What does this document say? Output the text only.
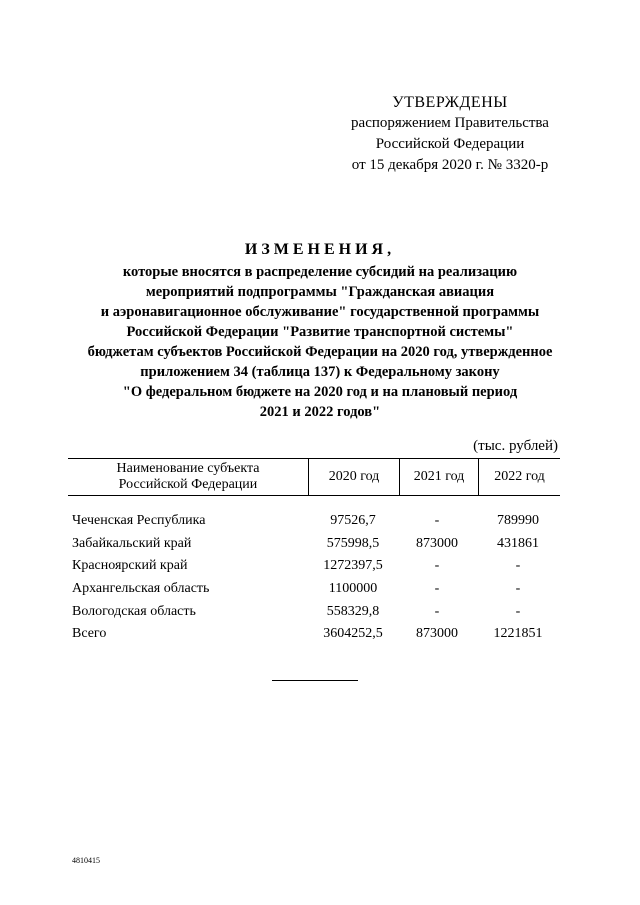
УТВЕРЖДЕНЫ
распоряжением Правительства
Российской Федерации
от 15 декабря 2020 г. № 3320-р
ИЗМЕНЕНИЯ,
которые вносятся в распределение субсидий на реализацию
мероприятий подпрограммы "Гражданская авиация
и аэронавигационное обслуживание" государственной программы
Российской Федерации "Развитие транспортной системы"
бюджетам субъектов Российской Федерации на 2020 год, утвержденное
приложением 34 (таблица 137) к Федеральному закону
"О федеральном бюджете на 2020 год и на плановый период
2021 и 2022 годов"
(тыс. рублей)
Наименование субъекта
Российской Федерации
2020 год	2021 год	2022 год
Чеченская Республика	97526,7	-	789990
Забайкальский край	575998,5	873000	431861
Красноярский край	1272397,5	-	-
Архангельская область	1100000	-	-
Вологодская область	558329,8	-	-
Всего	3604252,5	873000	1221851
4810415
